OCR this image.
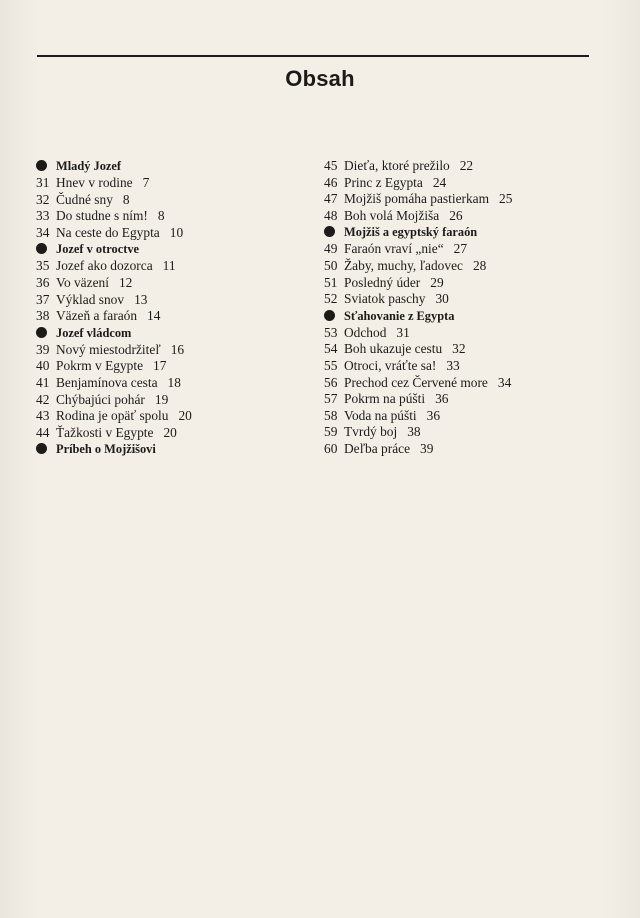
Obsah
Mladý Jozef
31 Hnev v rodine 7
32 Čudné sny 8
33 Do studne s ním! 8
34 Na ceste do Egypta 10
Jozef v otroctve
35 Jozef ako dozorca 11
36 Vo väzení 12
37 Výklad snov 13
38 Väzeň a faraón 14
Jozef vládcom
39 Nový miestodržiteľ 16
40 Pokrm v Egypte 17
41 Benjamínova cesta 18
42 Chýbajúci pohár 19
43 Rodina je opäť spolu 20
44 Ťažkosti v Egypte 20
Príbeh o Mojžišovi
45 Dieťa, ktoré prežilo 22
46 Princ z Egypta 24
47 Mojžiš pomáha pastierkam 25
48 Boh volá Mojžiša 26
Mojžiš a egyptský faraón
49 Faraón vraví „nie“ 27
50 Žaby, muchy, ľadovec 28
51 Posledný úder 29
52 Sviatok paschy 30
Sťahovanie z Egypta
53 Odchod 31
54 Boh ukazuje cestu 32
55 Otroci, vráťte sa! 33
56 Prechod cez Červené more 34
57 Pokrm na púšti 36
58 Voda na púšti 36
59 Tvrdý boj 38
60 Deľba práce 39
